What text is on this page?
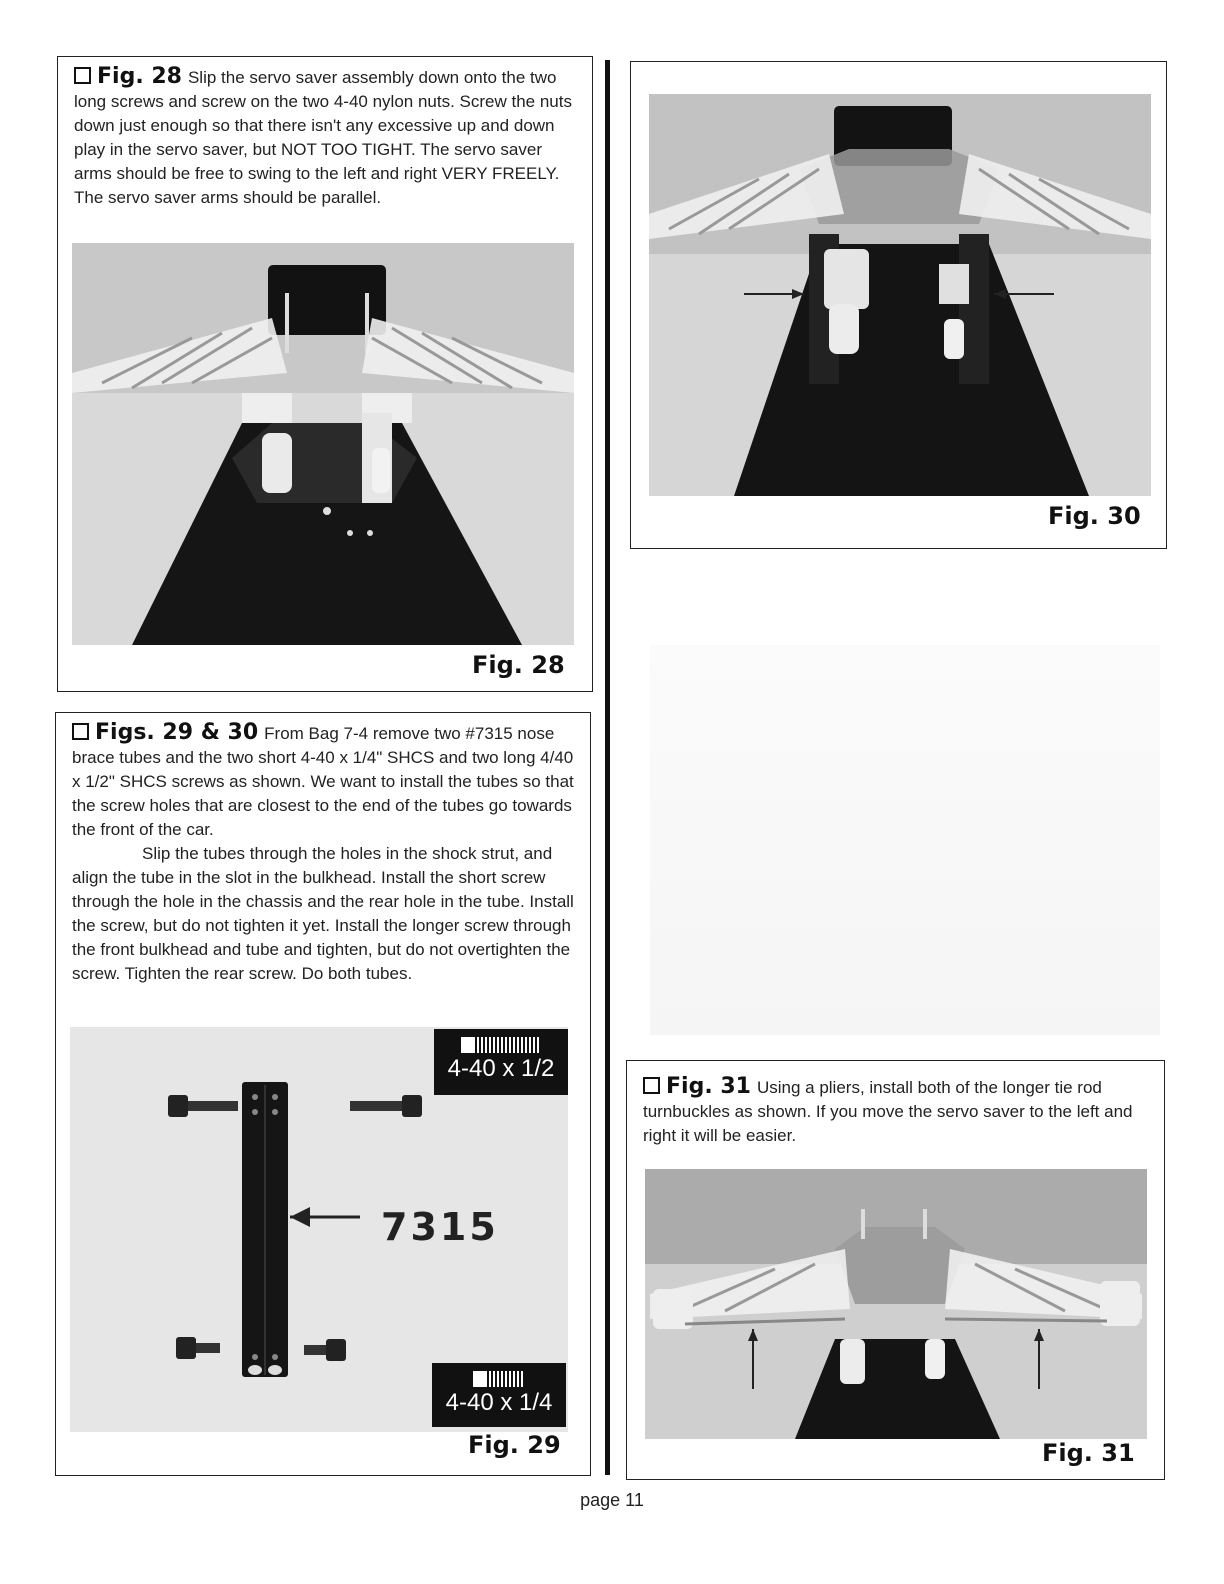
Fig. 28 Slip the servo saver assembly down onto the two long screws and screw on the two 4-40 nylon nuts. Screw the nuts down just enough so that there isn't any excessive up and down play in the servo saver, but NOT TOO TIGHT. The servo saver arms should be free to swing to the left and right VERY FREELY. The servo saver arms should be parallel.
Fig. 28
Figs. 29 & 30 From Bag 7-4 remove two #7315 nose brace tubes and the two short 4-40 x 1/4" SHCS and two long 4/40 x 1/2" SHCS screws as shown. We want to install the tubes so that the screw holes that are closest to the end of the tubes go towards the front of the car.
Slip the tubes through the holes in the shock strut, and align the tube in the slot in the bulkhead. Install the short screw through the hole in the chassis and the rear hole in the tube. Install the screw, but do not tighten it yet. Install the longer screw through the front bulkhead and tube and tighten, but do not overtighten the screw. Tighten the rear screw. Do both tubes.
4-40 x 1/2
7315
4-40 x 1/4
Fig. 29
Fig. 30
Fig. 31 Using a pliers, install both of the longer tie rod turnbuckles as shown. If you move the servo saver to the left and right it will be easier.
Fig. 31
page 11
